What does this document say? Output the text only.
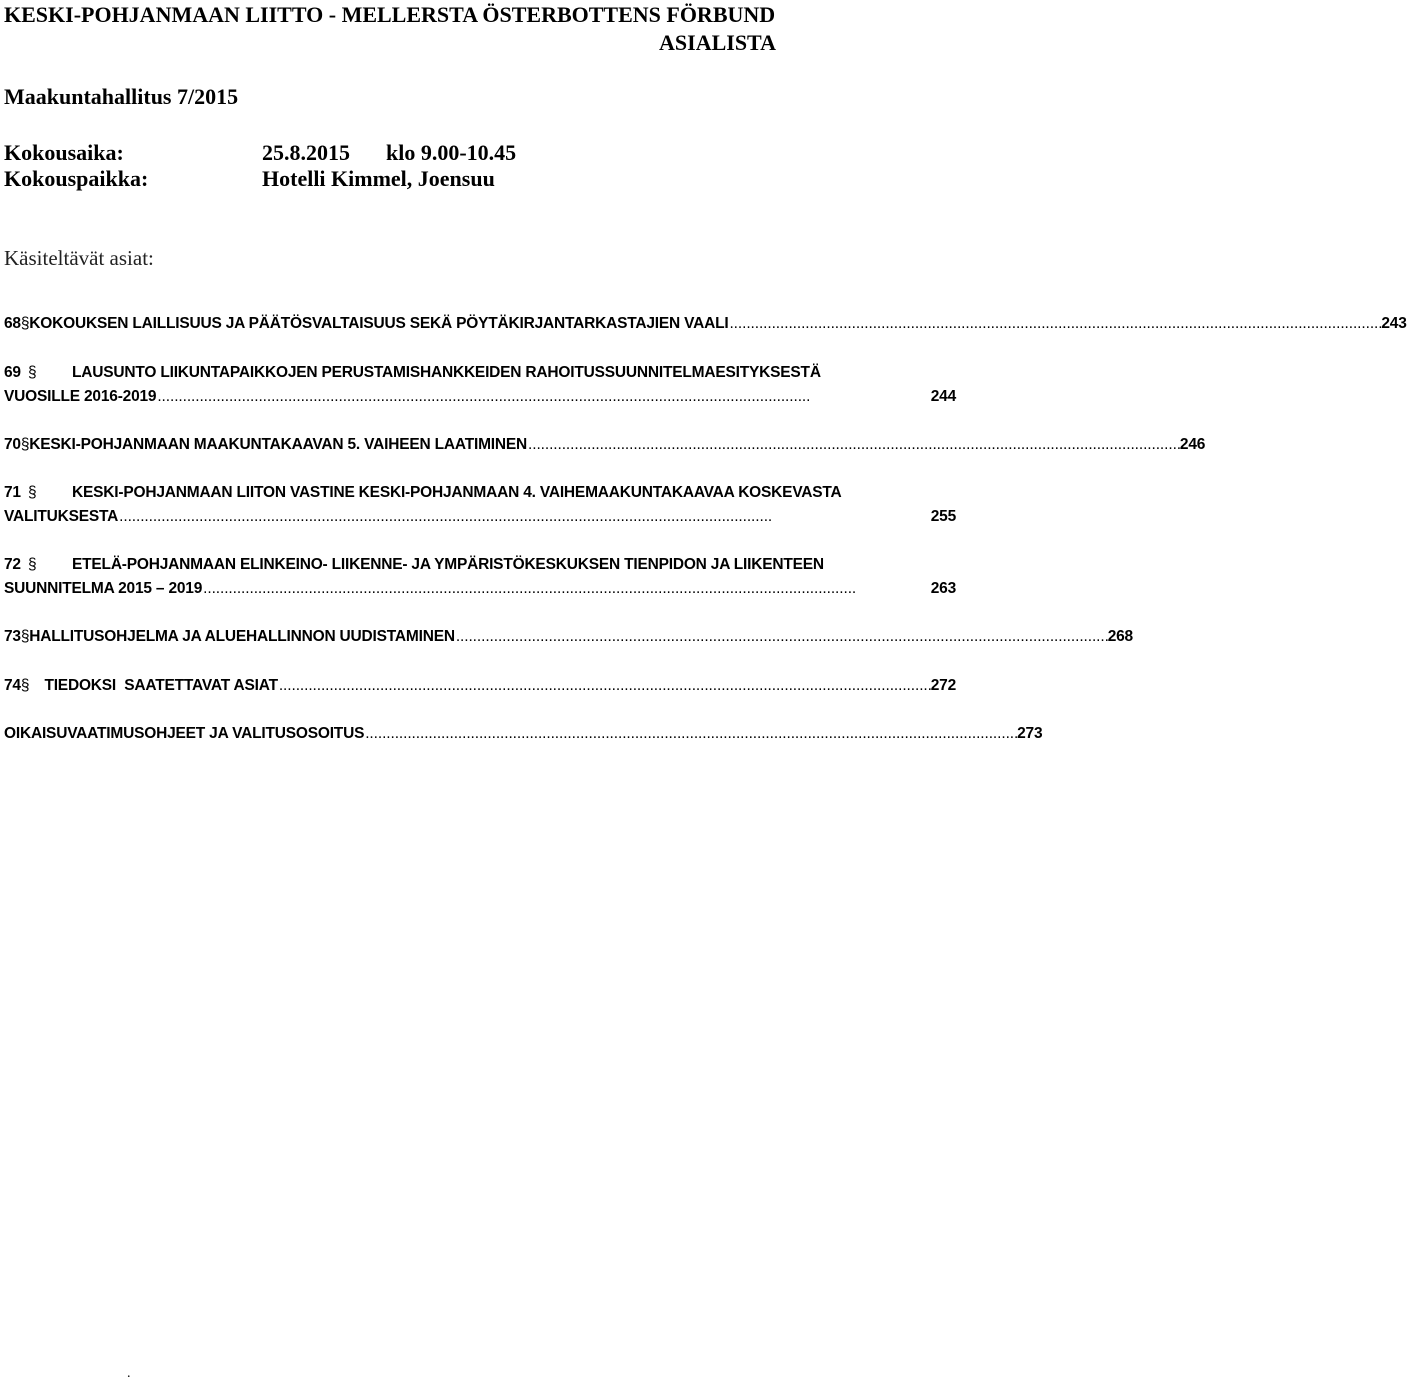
KESKI-POHJANMAAN LIITTO - MELLERSTA ÖSTERBOTTENS FÖRBUND
ASIALISTA
Maakuntahallitus 7/2015
Kokousaika:	25.8.2015 klo 9.00-10.45
Kokouspaikka:	Hotelli Kimmel, Joensuu
Käsiteltävät asiat:
68 § KOKOUKSEN LAILLISUUS JA PÄÄTÖSVALTAISUUS SEKÄ PÖYTÄKIRJANTARKASTAJIEN VAALI . . .	243
69 §	LAUSUNTO LIIKUNTAPAIKKOJEN PERUSTAMISHANKKEIDEN RAHOITUSSUUNNITELMAESITYKSESTÄ
VUOSILLE 2016-2019 . . .	244
70 § KESKI-POHJANMAAN MAAKUNTAKAAVAN 5. VAIHEEN LAATIMINEN . . .	246
71 §	KESKI-POHJANMAAN LIITON VASTINE KESKI-POHJANMAAN 4. VAIHEMAAKUNTAKAAVAA KOSKEVASTA
VALITUKSESTA . . .	255
72 §	ETELÄ-POHJANMAAN ELINKEINO- LIIKENNE- JA YMPÄRISTÖKESKUKSEN TIENPIDON JA LIIKENTEEN
SUUNNITELMA 2015 – 2019 . . .	263
73 § HALLITUSOHJELMA JA ALUEHALLINNON UUDISTAMINEN . . .	268
74 § TIEDOKSI  SAATETTAVAT ASIAT . . .	272
OIKAISUVAATIMUSOHJEET JA VALITUSOSOITUS . . .	273
.
